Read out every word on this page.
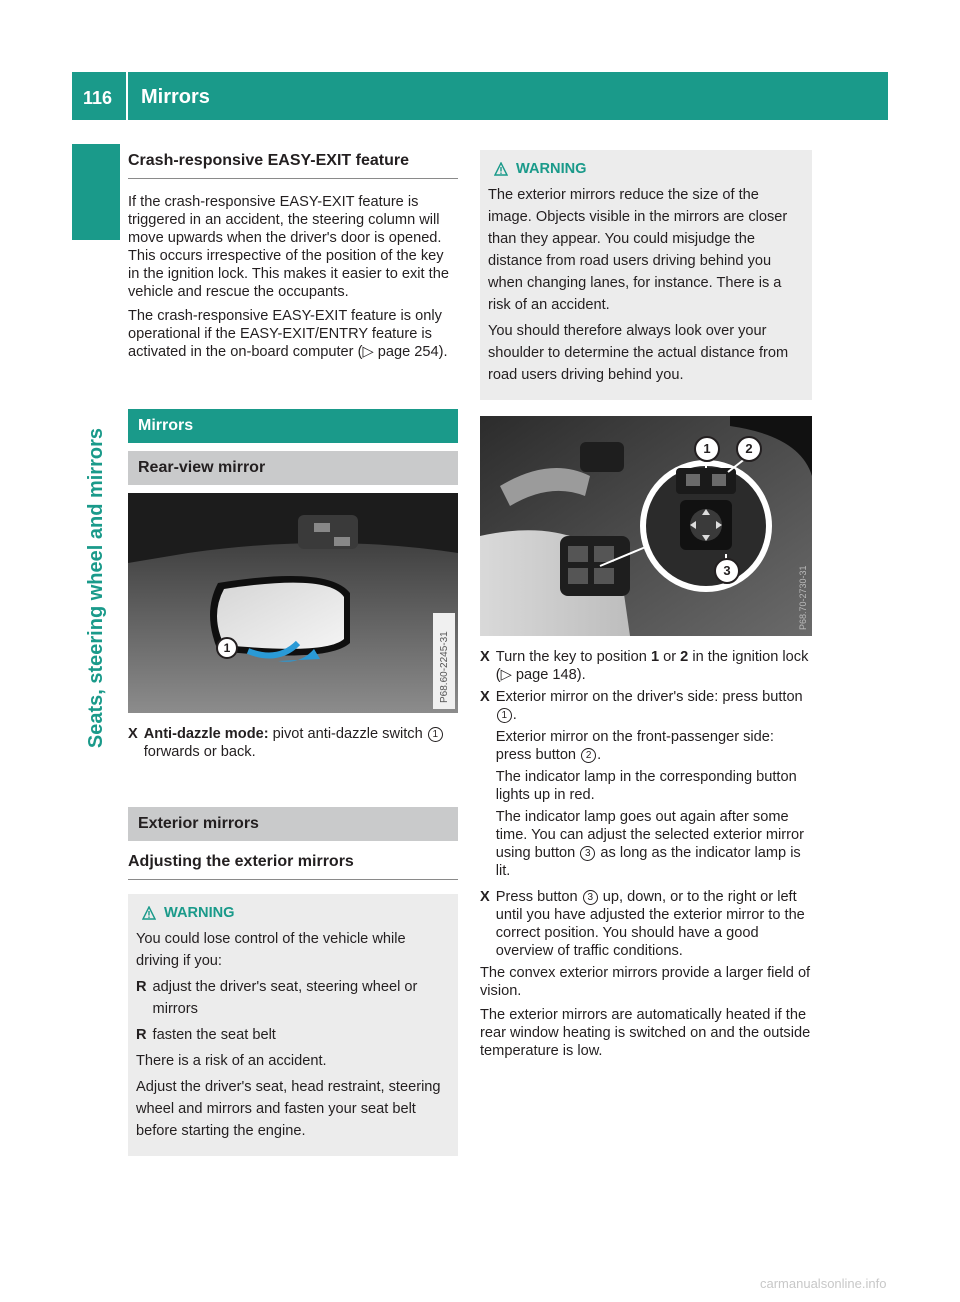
116 Mirrors
Seats, steering wheel and mirrors
Crash-responsive EASY-EXIT feature

If the crash-responsive EASY-EXIT feature is triggered in an accident, the steering column will move upwards when the driver's door is opened. This occurs irrespective of the position of the key in the ignition lock. This makes it easier to exit the vehicle and rescue the occupants.

The crash-responsive EASY-EXIT feature is only operational if the EASY-EXIT/ENTRY feature is activated in the on-board computer (▷ page 254).

Mirrors
Rear-view mirror
P68.60-2245-31
1
X Anti-dazzle mode: pivot anti-dazzle switch 1 forwards or back.
Exterior mirrors
Adjusting the exterior mirrors
WARNING

You could lose control of the vehicle while driving if you:

R adjust the driver's seat, steering wheel or mirrors
R fasten the seat belt

There is a risk of an accident.

Adjust the driver's seat, head restraint, steering wheel and mirrors and fasten your seat belt before starting the engine.

WARNING

The exterior mirrors reduce the size of the image. Objects visible in the mirrors are closer than they appear. You could misjudge the distance from road users driving behind you when changing lanes, for instance. There is a risk of an accident.

You should therefore always look over your shoulder to determine the actual distance from road users driving behind you.

P68.70-2730-31
1	2
3
X Turn the key to position 1 or 2 in the ignition lock (▷ page 148).
X Exterior mirror on the driver's side: press button 1 .

Exterior mirror on the front-passenger side: press button 2 .

The indicator lamp in the corresponding button lights up in red.

The indicator lamp goes out again after some time. You can adjust the selected exterior mirror using button 3 as long as the indicator lamp is lit.

X Press button 3 up, down, or to the right or left until you have adjusted the exterior mirror to the correct position. You should have a good overview of traffic conditions.

The convex exterior mirrors provide a larger field of vision.

The exterior mirrors are automatically heated if the rear window heating is switched on and the outside temperature is low.

carmanualsonline.info
